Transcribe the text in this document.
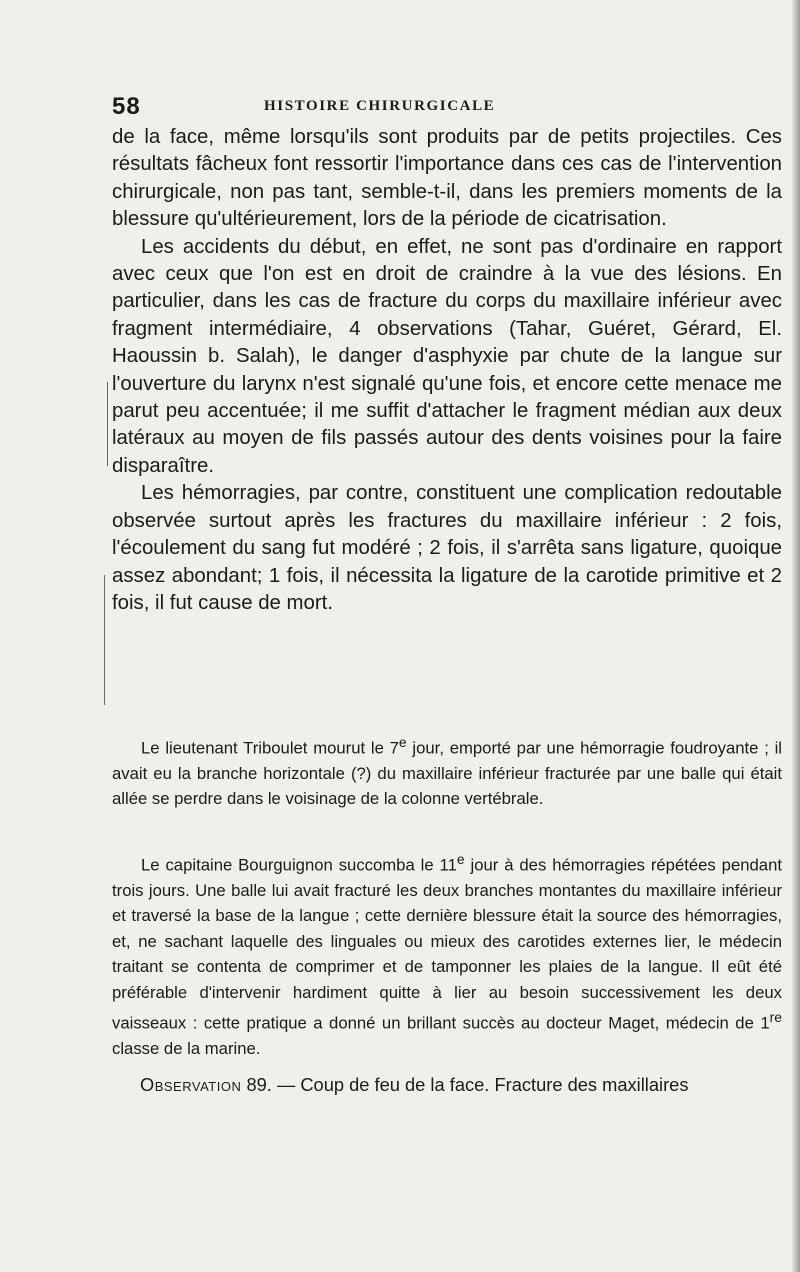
58	HISTOIRE CHIRURGICALE

de la face, même lorsqu'ils sont produits par de petits projectiles. Ces résultats fâcheux font ressortir l'importance dans ces cas de l'intervention chirurgicale, non pas tant, semble-t-il, dans les premiers moments de la blessure qu'ultérieurement, lors de la période de cicatrisation.

Les accidents du début, en effet, ne sont pas d'ordinaire en rapport avec ceux que l'on est en droit de craindre à la vue des lésions. En particulier, dans les cas de fracture du corps du maxillaire inférieur avec fragment intermédiaire, 4 observations (Tahar, Guéret, Gérard, El. Haoussin b. Salah), le danger d'asphyxie par chute de la langue sur l'ouverture du larynx n'est signalé qu'une fois, et encore cette menace me parut peu accentuée; il me suffit d'attacher le fragment médian aux deux latéraux au moyen de fils passés autour des dents voisines pour la faire disparaître.

Les hémorragies, par contre, constituent une complication redoutable observée surtout après les fractures du maxillaire inférieur : 2 fois, l'écoulement du sang fut modéré ; 2 fois, il s'arrêta sans ligature, quoique assez abondant; 1 fois, il nécessita la ligature de la carotide primitive et 2 fois, il fut cause de mort.

Le lieutenant Triboulet mourut le 7e jour, emporté par une hémorragie foudroyante ; il avait eu la branche horizontale (?) du maxillaire inférieur fracturée par une balle qui était allée se perdre dans le voisinage de la colonne vertébrale.

Le capitaine Bourguignon succomba le 11e jour à des hémorragies répétées pendant trois jours. Une balle lui avait fracturé les deux branches montantes du maxillaire inférieur et traversé la base de la langue ; cette dernière blessure était la source des hémorragies, et, ne sachant laquelle des linguales ou mieux des carotides externes lier, le médecin traitant se contenta de comprimer et de tamponner les plaies de la langue. Il eût été préférable d'intervenir hardiment quitte à lier au besoin successivement les deux vaisseaux : cette pratique a donné un brillant succès au docteur Maget, médecin de 1re classe de la marine.

Observation 89. — Coup de feu de la face. Fracture des maxillaires
